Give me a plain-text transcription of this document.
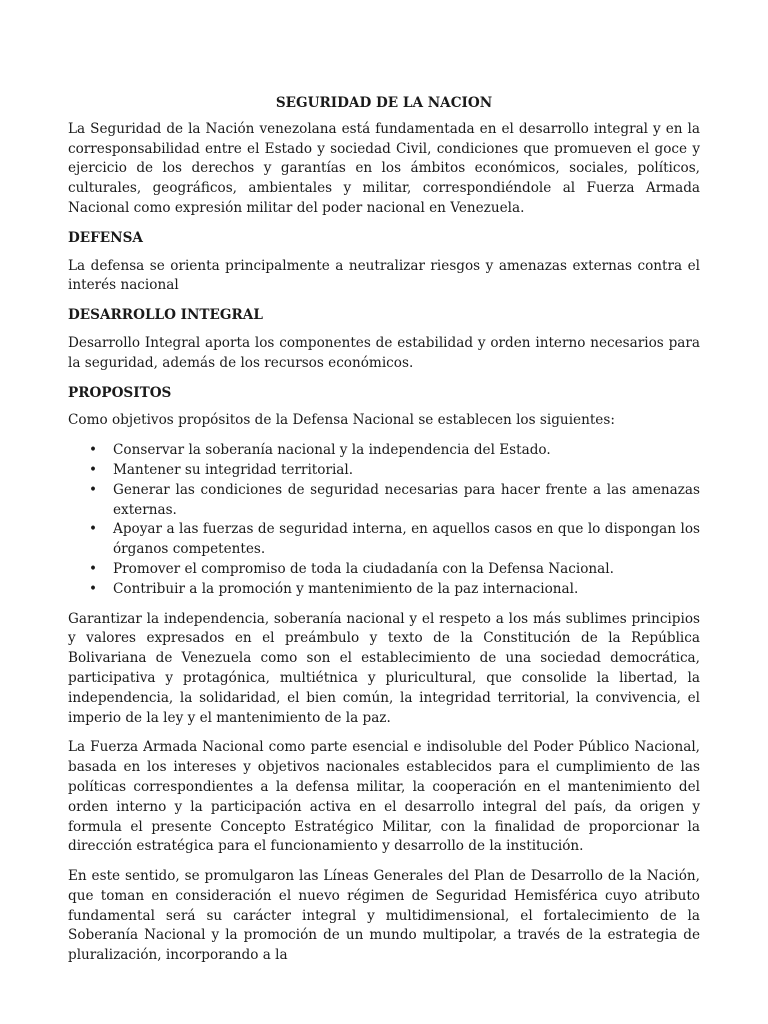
SEGURIDAD DE LA NACION

La Seguridad de la Nación venezolana está fundamentada en el desarrollo integral y en la corresponsabilidad entre el Estado y sociedad Civil, condiciones que promueven el goce y ejercicio de los derechos y garantías en los ámbitos económicos, sociales, políticos, culturales, geográficos, ambientales y militar, correspondiéndole al Fuerza Armada Nacional como expresión militar del poder nacional en Venezuela.

DEFENSA

La defensa se orienta principalmente a neutralizar riesgos y amenazas externas contra el interés nacional

DESARROLLO INTEGRAL

Desarrollo Integral aporta los componentes de estabilidad y orden interno necesarios para la seguridad, además de los recursos económicos.

PROPOSITOS

Como objetivos propósitos de la Defensa Nacional se establecen los siguientes:

• Conservar la soberanía nacional y la independencia del Estado.
• Mantener su integridad territorial.
• Generar las condiciones de seguridad necesarias para hacer frente a las amenazas externas.
• Apoyar a las fuerzas de seguridad interna, en aquellos casos en que lo dispongan los órganos competentes.
• Promover el compromiso de toda la ciudadanía con la Defensa Nacional.
• Contribuir a la promoción y mantenimiento de la paz internacional.

Garantizar la independencia, soberanía nacional y el respeto a los más sublimes principios y valores expresados en el preámbulo y texto de la Constitución de la República Bolivariana de Venezuela como son el establecimiento de una sociedad democrática, participativa y protagónica, multiétnica y pluricultural, que consolide la libertad, la independencia, la solidaridad, el bien común, la integridad territorial, la convivencia, el imperio de la ley y el mantenimiento de la paz.

La Fuerza Armada Nacional como parte esencial e indisoluble del Poder Público Nacional, basada en los intereses y objetivos nacionales establecidos para el cumplimiento de las políticas correspondientes a la defensa militar, la cooperación en el mantenimiento del orden interno y la participación activa en el desarrollo integral del país, da origen y formula el presente Concepto Estratégico Militar, con la finalidad de proporcionar la dirección estratégica para el funcionamiento y desarrollo de la institución.

En este sentido, se promulgaron las Líneas Generales del Plan de Desarrollo de la Nación, que toman en consideración el nuevo régimen de Seguridad Hemisférica cuyo atributo fundamental será su carácter integral y multidimensional, el fortalecimiento de la Soberanía Nacional y la promoción de un mundo multipolar, a través de la estrategia de pluralización, incorporando a la
